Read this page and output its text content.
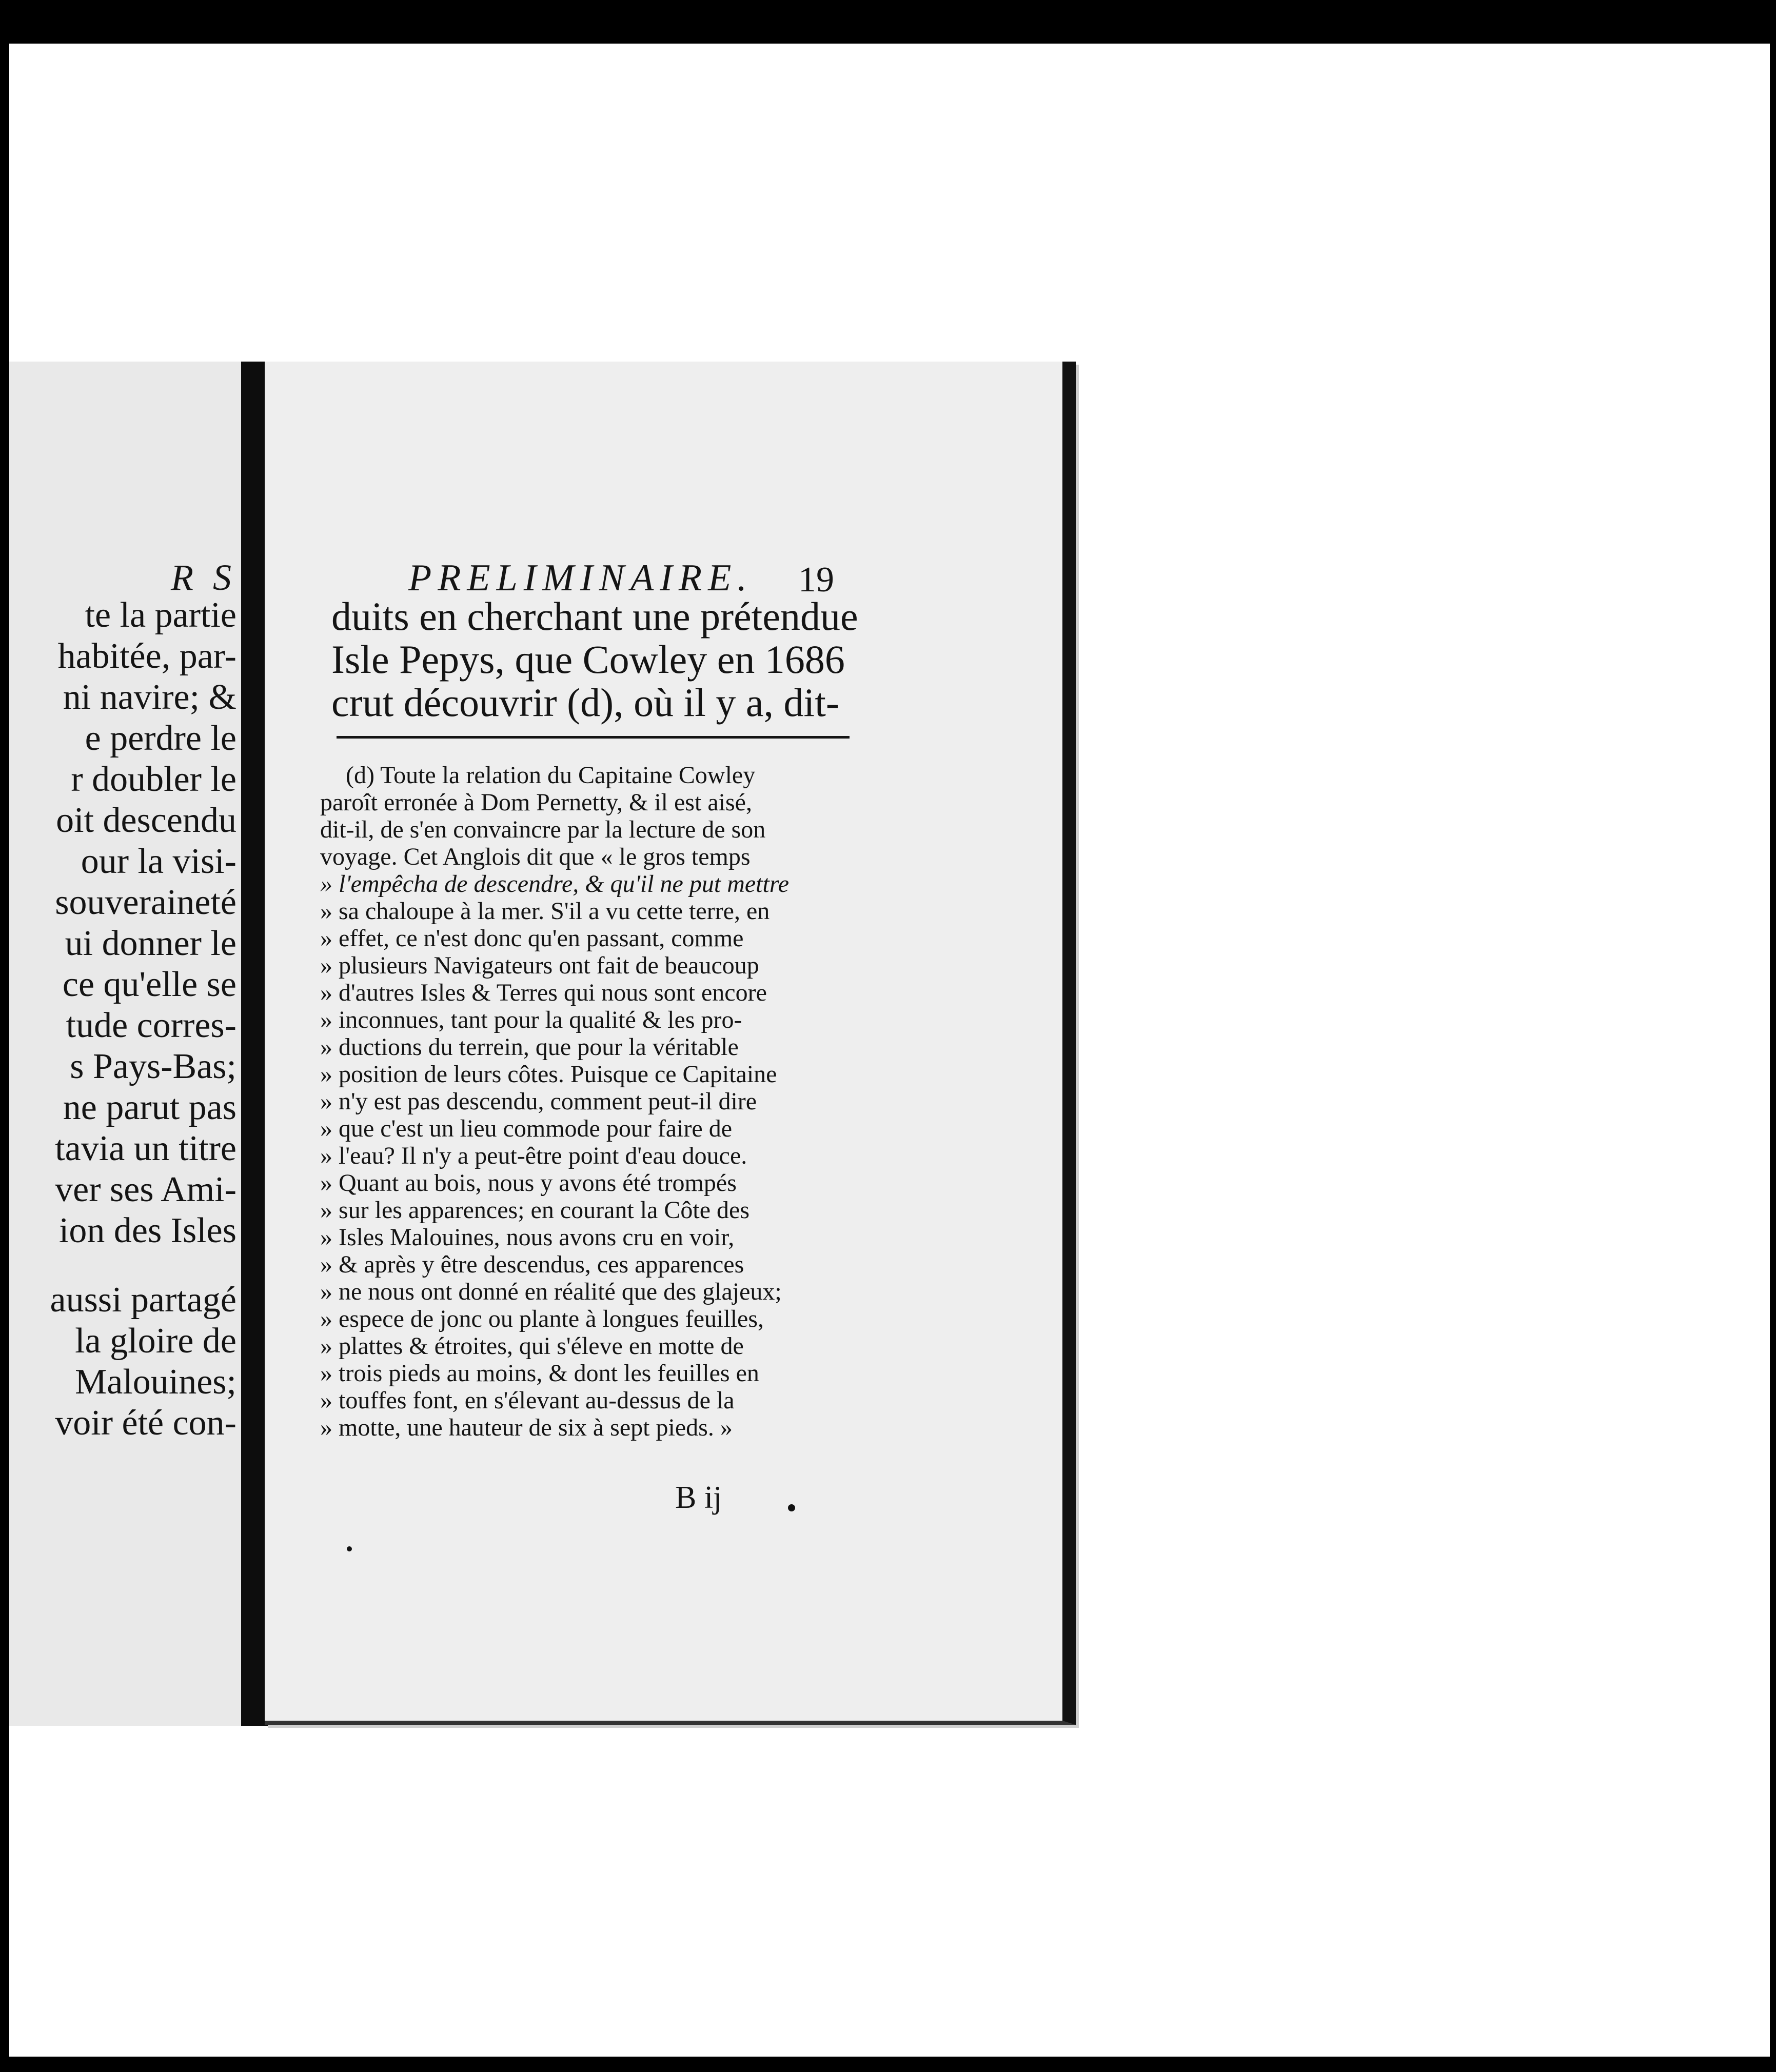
R S
te la partie
habitée, par-
ni navire; &
e perdre le
r doubler le
oit descendu
our la visi-
souveraineté
ui donner le
ce qu'elle se
tude corres-
s Pays-Bas;
ne parut pas
tavia un titre
ver ses Ami-
ion des Isles
aussi partagé
la gloire de
Malouines;
voir été con-
PRELIMINAIRE. 19
duits en cherchant une prétendue
Isle Pepys, que Cowley en 1686
crut découvrir (d), où il y a, dit-
(d) Toute la relation du Capitaine Cowley
paroît erronée à Dom Pernetty, & il est aisé,
dit-il, de s'en convaincre par la lecture de son
voyage. Cet Anglois dit que « le gros temps
» l'empêcha de descendre, & qu'il ne put mettre
» sa chaloupe à la mer. S'il a vu cette terre, en
» effet, ce n'est donc qu'en passant, comme
» plusieurs Navigateurs ont fait de beaucoup
» d'autres Isles & Terres qui nous sont encore
» inconnues, tant pour la qualité & les pro-
» ductions du terrein, que pour la véritable
» position de leurs côtes. Puisque ce Capitaine
» n'y est pas descendu, comment peut-il dire
» que c'est un lieu commode pour faire de
» l'eau? Il n'y a peut-être point d'eau douce.
» Quant au bois, nous y avons été trompés
» sur les apparences; en courant la Côte des
» Isles Malouines, nous avons cru en voir,
» & après y être descendus, ces apparences
» ne nous ont donné en réalité que des glajeux;
» espece de jonc ou plante à longues feuilles,
» plattes & étroites, qui s'éleve en motte de
» trois pieds au moins, & dont les feuilles en
» touffes font, en s'élevant au-dessus de la
» motte, une hauteur de six à sept pieds. »
B ij
